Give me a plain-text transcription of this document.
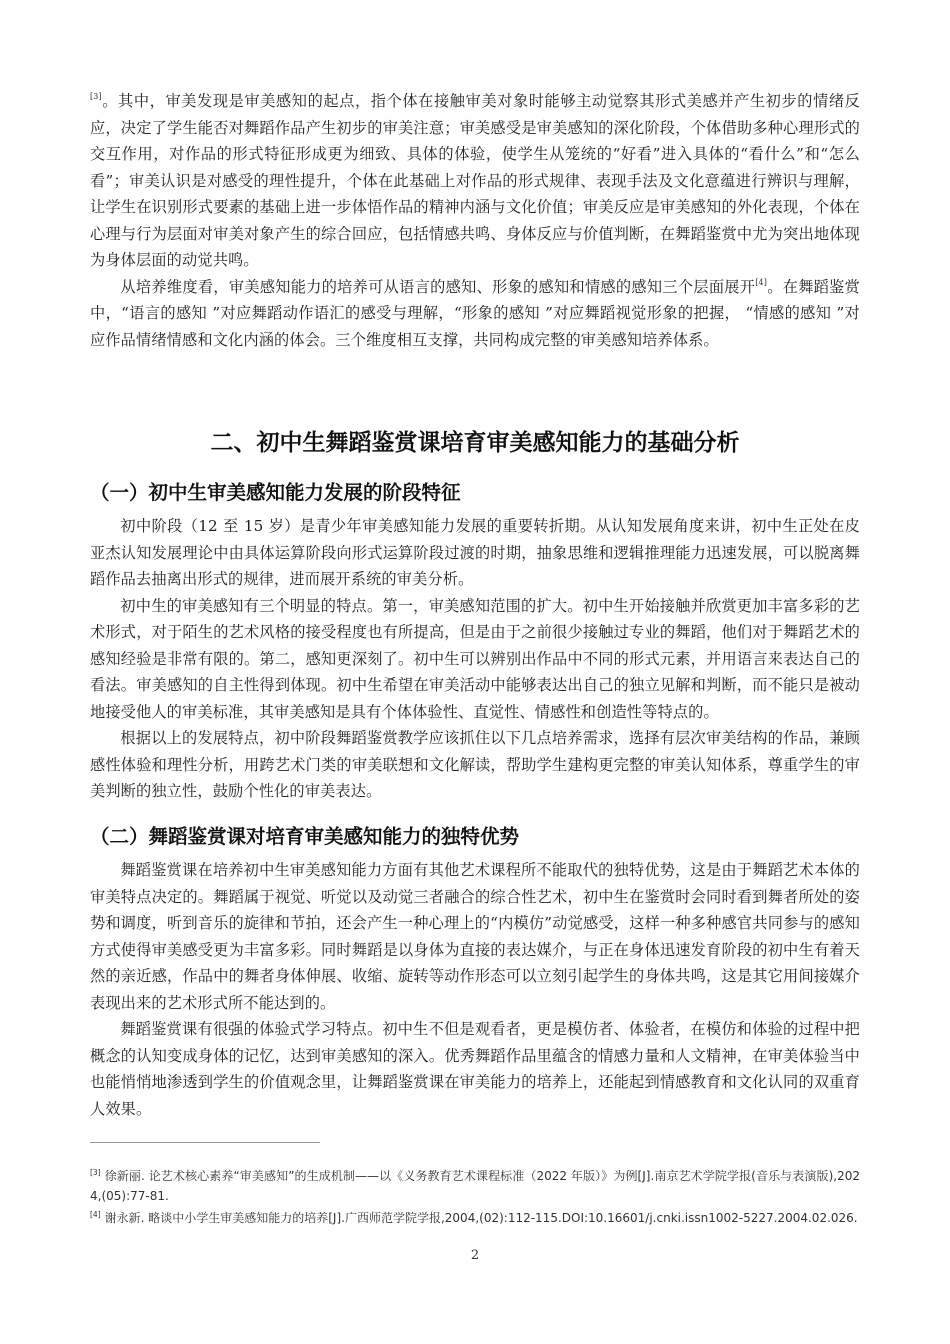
[3]。其中，审美发现是审美感知的起点，指个体在接触审美对象时能够主动觉察其形式美感并产生初步的情绪反应，决定了学生能否对舞蹈作品产生初步的审美注意；审美感受是审美感知的深化阶段，个体借助多种心理形式的交互作用，对作品的形式特征形成更为细致、具体的体验，使学生从笼统的“好看”进入具体的“看什么”和“怎么看”；审美认识是对感受的理性提升，个体在此基础上对作品的形式规律、表现手法及文化意蕴进行辨识与理解，让学生在识别形式要素的基础上进一步体悟作品的精神内涵与文化价值；审美反应是审美感知的外化表现，个体在心理与行为层面对审美对象产生的综合回应，包括情感共鸣、身体反应与价值判断，在舞蹈鉴赏中尤为突出地体现为身体层面的动觉共鸣。

从培养维度看，审美感知能力的培养可从语言的感知、形象的感知和情感的感知三个层面展开[4]。在舞蹈鉴赏中，“语言的感知 ”对应舞蹈动作语汇的感受与理解，“形象的感知 ”对应舞蹈视觉形象的把握， “情感的感知 ”对应作品情绪情感和文化内涵的体会。三个维度相互支撑，共同构成完整的审美感知培养体系。

二、初中生舞蹈鉴赏课培育审美感知能力的基础分析
（一）初中生审美感知能力发展的阶段特征

初中阶段（12 至 15 岁）是青少年审美感知能力发展的重要转折期。从认知发展角度来讲，初中生正处在皮亚杰认知发展理论中由具体运算阶段向形式运算阶段过渡的时期，抽象思维和逻辑推理能力迅速发展，可以脱离舞蹈作品去抽离出形式的规律，进而展开系统的审美分析。

初中生的审美感知有三个明显的特点。第一，审美感知范围的扩大。初中生开始接触并欣赏更加丰富多彩的艺术形式，对于陌生的艺术风格的接受程度也有所提高，但是由于之前很少接触过专业的舞蹈，他们对于舞蹈艺术的感知经验是非常有限的。第二，感知更深刻了。初中生可以辨别出作品中不同的形式元素，并用语言来表达自己的看法。审美感知的自主性得到体现。初中生希望在审美活动中能够表达出自己的独立见解和判断，而不能只是被动地接受他人的审美标准，其审美感知是具有个体体验性、直觉性、情感性和创造性等特点的。

根据以上的发展特点，初中阶段舞蹈鉴赏教学应该抓住以下几点培养需求，选择有层次审美结构的作品，兼顾感性体验和理性分析，用跨艺术门类的审美联想和文化解读，帮助学生建构更完整的审美认知体系，尊重学生的审美判断的独立性，鼓励个性化的审美表达。

（二）舞蹈鉴赏课对培育审美感知能力的独特优势

舞蹈鉴赏课在培养初中生审美感知能力方面有其他艺术课程所不能取代的独特优势，这是由于舞蹈艺术本体的审美特点决定的。舞蹈属于视觉、听觉以及动觉三者融合的综合性艺术，初中生在鉴赏时会同时看到舞者所处的姿势和调度，听到音乐的旋律和节拍，还会产生一种心理上的“内模仿”动觉感受，这样一种多种感官共同参与的感知方式使得审美感受更为丰富多彩。同时舞蹈是以身体为直接的表达媒介，与正在身体迅速发育阶段的初中生有着天然的亲近感，作品中的舞者身体伸展、收缩、旋转等动作形态可以立刻引起学生的身体共鸣，这是其它用间接媒介表现出来的艺术形式所不能达到的。

舞蹈鉴赏课有很强的体验式学习特点。初中生不但是观看者，更是模仿者、体验者，在模仿和体验的过程中把概念的认知变成身体的记忆，达到审美感知的深入。优秀舞蹈作品里蕴含的情感力量和人文精神，在审美体验当中也能悄悄地渗透到学生的价值观念里，让舞蹈鉴赏课在审美能力的培养上，还能起到情感教育和文化认同的双重育人效果。

[3] 徐新丽. 论艺术核心素养“审美感知”的生成机制——以《义务教育艺术课程标准（2022 年版）》为例[J].南京艺术学院学报(音乐与表演版),2024,(05):77-81.

[4] 谢永新. 略谈中小学生审美感知能力的培养[J].广西师范学院学报,2004,(02):112-115.DOI:10.16601/j.cnki.issn1002-5227.2004.02.026.

2
